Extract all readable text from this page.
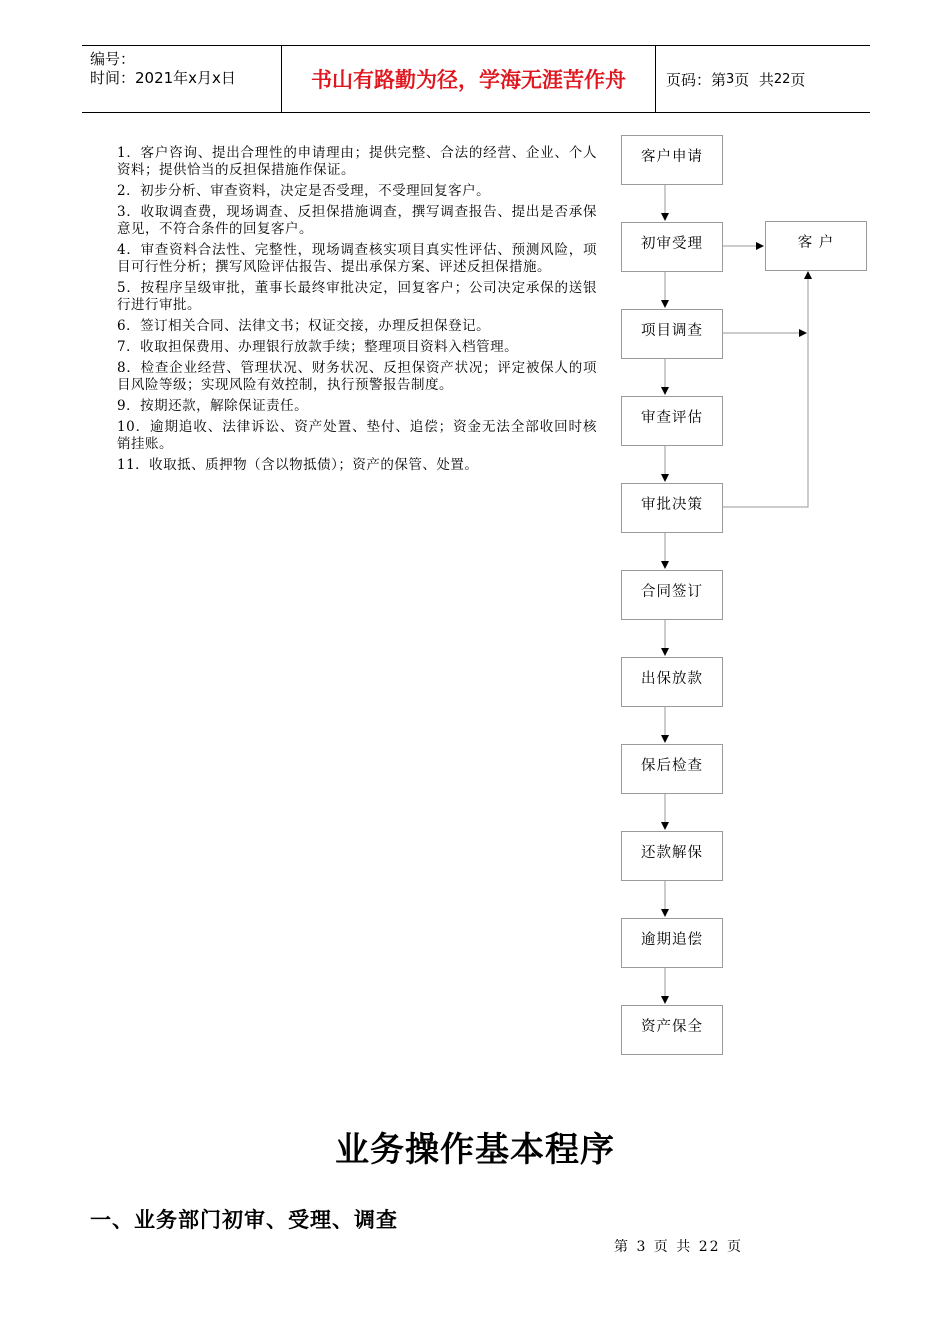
编号：
时间：2021年x月x日	书山有路勤为径，学海无涯苦作舟	页码：第 3 页  共 22 页
1．客户咨询、提出合理性的申请理由；提供完整、合法的经营、企业、个人资料；提供恰当的反担保措施作保证。
2．初步分析、审查资料，决定是否受理，不受理回复客户。
3．收取调查费，现场调查、反担保措施调查，撰写调查报告、提出是否承保意见，不符合条件的回复客户。
4．审查资料合法性、完整性，现场调查核实项目真实性评估、预测风险，项目可行性分析；撰写风险评估报告、提出承保方案、评述反担保措施。
5．按程序呈级审批，董事长最终审批决定，回复客户；公司决定承保的送银行进行审批。
6．签订相关合同、法律文书；权证交接，办理反担保登记。
7．收取担保费用、办理银行放款手续；整理项目资料入档管理。
8．检查企业经营、管理状况、财务状况、反担保资产状况；评定被保人的项目风险等级；实现风险有效控制，执行预警报告制度。
9．按期还款，解除保证责任。
10．逾期追收、法律诉讼、资产处置、垫付、追偿；资金无法全部收回时核销挂账。
11．收取抵、质押物（含以物抵债）；资产的保管、处置。
客户申请
初审受理
项目调查
审查评估
审批决策
合同签订
出保放款
保后检查
还款解保
逾期追偿
资产保全
客 户
业务操作基本程序
一、业务部门初审、受理、调查
第 3 页 共 22 页
